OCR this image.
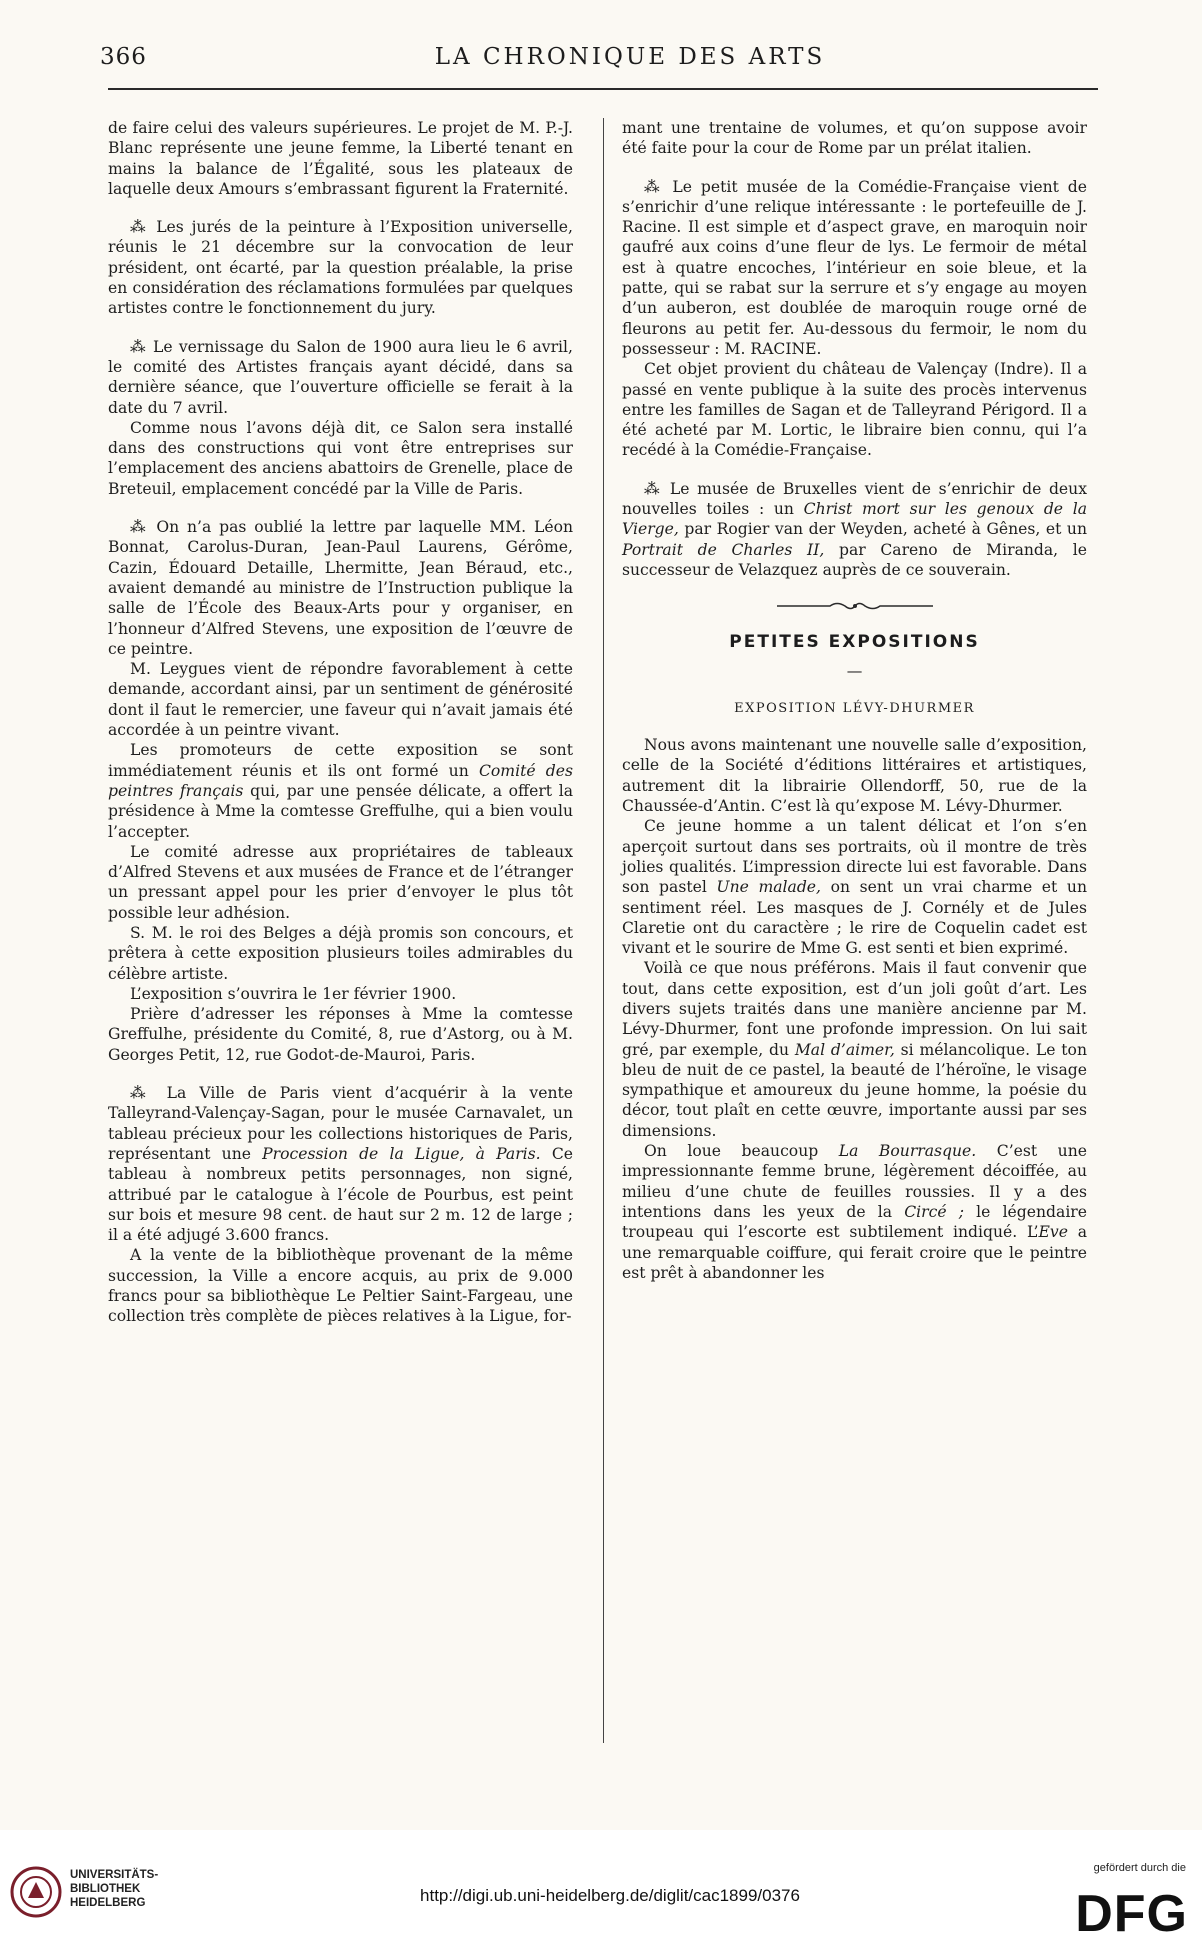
366	LA CHRONIQUE DES ARTS

de faire celui des valeurs supérieures. Le projet de M. P.-J. Blanc représente une jeune femme, la Liberté tenant en mains la balance de l’Égalité, sous les plateaux de laquelle deux Amours s’embrassant figurent la Fraternité.

⁂ Les jurés de la peinture à l’Exposition universelle, réunis le 21 décembre sur la convocation de leur président, ont écarté, par la question préalable, la prise en considération des réclamations formulées par quelques artistes contre le fonctionnement du jury.

⁂ Le vernissage du Salon de 1900 aura lieu le 6 avril, le comité des Artistes français ayant décidé, dans sa dernière séance, que l’ouverture officielle se ferait à la date du 7 avril.

Comme nous l’avons déjà dit, ce Salon sera installé dans des constructions qui vont être entreprises sur l’emplacement des anciens abattoirs de Grenelle, place de Breteuil, emplacement concédé par la Ville de Paris.

⁂ On n’a pas oublié la lettre par laquelle MM. Léon Bonnat, Carolus-Duran, Jean-Paul Laurens, Gérôme, Cazin, Édouard Detaille, Lhermitte, Jean Béraud, etc., avaient demandé au ministre de l’Instruction publique la salle de l’École des Beaux-Arts pour y organiser, en l’honneur d’Alfred Stevens, une exposition de l’œuvre de ce peintre.

M. Leygues vient de répondre favorablement à cette demande, accordant ainsi, par un sentiment de générosité dont il faut le remercier, une faveur qui n’avait jamais été accordée à un peintre vivant.

Les promoteurs de cette exposition se sont immédiatement réunis et ils ont formé un Comité des peintres français qui, par une pensée délicate, a offert la présidence à Mme la comtesse Greffulhe, qui a bien voulu l’accepter.

Le comité adresse aux propriétaires de tableaux d’Alfred Stevens et aux musées de France et de l’étranger un pressant appel pour les prier d’envoyer le plus tôt possible leur adhésion.

S. M. le roi des Belges a déjà promis son concours, et prêtera à cette exposition plusieurs toiles admirables du célèbre artiste.

L’exposition s’ouvrira le 1er février 1900.

Prière d’adresser les réponses à Mme la comtesse Greffulhe, présidente du Comité, 8, rue d’Astorg, ou à M. Georges Petit, 12, rue Godot-de-Mauroi, Paris.

⁂ La Ville de Paris vient d’acquérir à la vente Talleyrand-Valençay-Sagan, pour le musée Carnavalet, un tableau précieux pour les collections historiques de Paris, représentant une Procession de la Ligue, à Paris. Ce tableau à nombreux petits personnages, non signé, attribué par le catalogue à l’école de Pourbus, est peint sur bois et mesure 98 cent. de haut sur 2 m. 12 de large ; il a été adjugé 3.600 francs.

A la vente de la bibliothèque provenant de la même succession, la Ville a encore acquis, au prix de 9.000 francs pour sa bibliothèque Le Peltier Saint-Fargeau, une collection très complète de pièces relatives à la Ligue, for-

mant une trentaine de volumes, et qu’on suppose avoir été faite pour la cour de Rome par un prélat italien.

⁂ Le petit musée de la Comédie-Française vient de s’enrichir d’une relique intéressante : le portefeuille de J. Racine. Il est simple et d’aspect grave, en maroquin noir gaufré aux coins d’une fleur de lys. Le fermoir de métal est à quatre encoches, l’intérieur en soie bleue, et la patte, qui se rabat sur la serrure et s’y engage au moyen d’un auberon, est doublée de maroquin rouge orné de fleurons au petit fer. Au-dessous du fermoir, le nom du possesseur : M. RACINE.

Cet objet provient du château de Valençay (Indre). Il a passé en vente publique à la suite des procès intervenus entre les familles de Sagan et de Talleyrand Périgord. Il a été acheté par M. Lortic, le libraire bien connu, qui l’a recédé à la Comédie-Française.

⁂ Le musée de Bruxelles vient de s’enrichir de deux nouvelles toiles : un Christ mort sur les genoux de la Vierge, par Rogier van der Weyden, acheté à Gênes, et un Portrait de Charles II, par Careno de Miranda, le successeur de Velazquez auprès de ce souverain.

PETITES EXPOSITIONS
—
EXPOSITION LÉVY-DHURMER

Nous avons maintenant une nouvelle salle d’exposition, celle de la Société d’éditions littéraires et artistiques, autrement dit la librairie Ollendorff, 50, rue de la Chaussée-d’Antin. C’est là qu’expose M. Lévy-Dhurmer.

Ce jeune homme a un talent délicat et l’on s’en aperçoit surtout dans ses portraits, où il montre de très jolies qualités. L’impression directe lui est favorable. Dans son pastel Une malade, on sent un vrai charme et un sentiment réel. Les masques de J. Cornély et de Jules Claretie ont du caractère ; le rire de Coquelin cadet est vivant et le sourire de Mme G. est senti et bien exprimé.

Voilà ce que nous préférons. Mais il faut convenir que tout, dans cette exposition, est d’un joli goût d’art. Les divers sujets traités dans une manière ancienne par M. Lévy-Dhurmer, font une profonde impression. On lui sait gré, par exemple, du Mal d’aimer, si mélancolique. Le ton bleu de nuit de ce pastel, la beauté de l’héroïne, le visage sympathique et amoureux du jeune homme, la poésie du décor, tout plaît en cette œuvre, importante aussi par ses dimensions.

On loue beaucoup La Bourrasque. C’est une impressionnante femme brune, légèrement décoiffée, au milieu d’une chute de feuilles roussies. Il y a des intentions dans les yeux de la Circé ; le légendaire troupeau qui l’escorte est subtilement indiqué. L’Eve a une remarquable coiffure, qui ferait croire que le peintre est prêt à abandonner les

UNIVERSITÄTS-
BIBLIOTHEK
HEIDELBERG	http://digi.ub.uni-heidelberg.de/diglit/cac1899/0376
gefördert durch die
DFG
